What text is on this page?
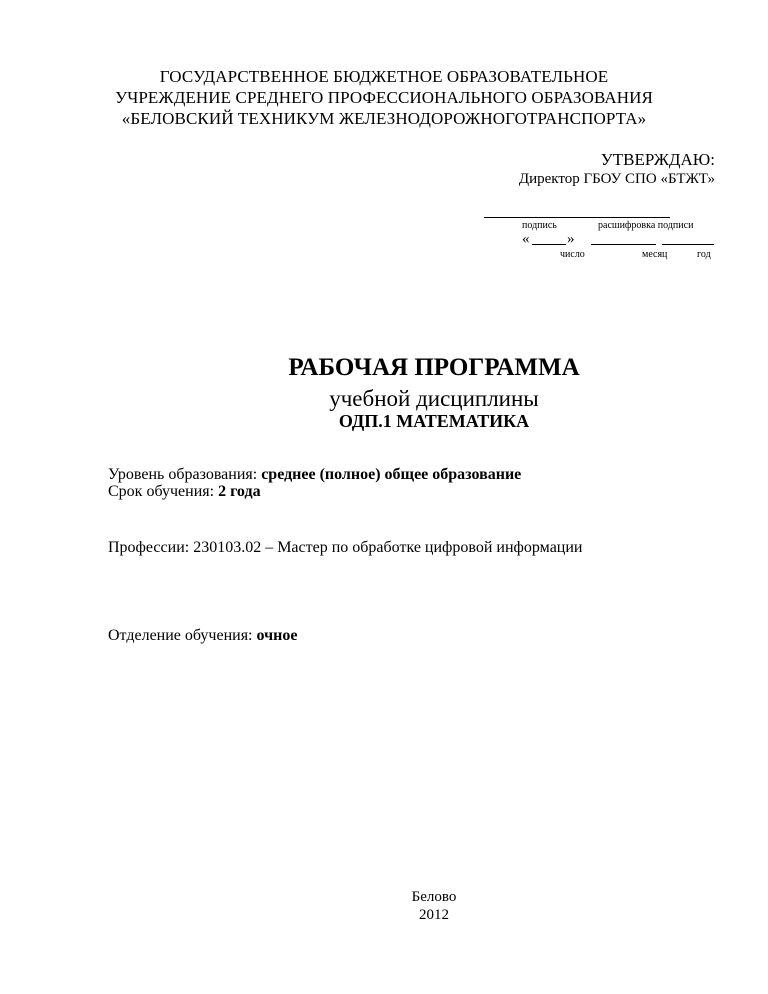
ГОСУДАРСТВЕННОЕ БЮДЖЕТНОЕ ОБРАЗОВАТЕЛЬНОЕ
УЧРЕЖДЕНИЕ СРЕДНЕГО ПРОФЕССИОНАЛЬНОГО ОБРАЗОВАНИЯ
«БЕЛОВСКИЙ ТЕХНИКУМ ЖЕЛЕЗНОДОРОЖНОГОТРАНСПОРТА»
УТВЕРЖДАЮ:
Директор ГБОУ СПО «БТЖТ»
подпись	расшифровка подписи
«	»
число	месяц	год
РАБОЧАЯ ПРОГРАММА
учебной дисциплины
ОДП.1 МАТЕМАТИКА
Уровень образования: среднее (полное) общее образование
Срок обучения: 2 года
Профессии: 230103.02 – Мастер по обработке цифровой информации
Отделение обучения: очное
Белово
2012
